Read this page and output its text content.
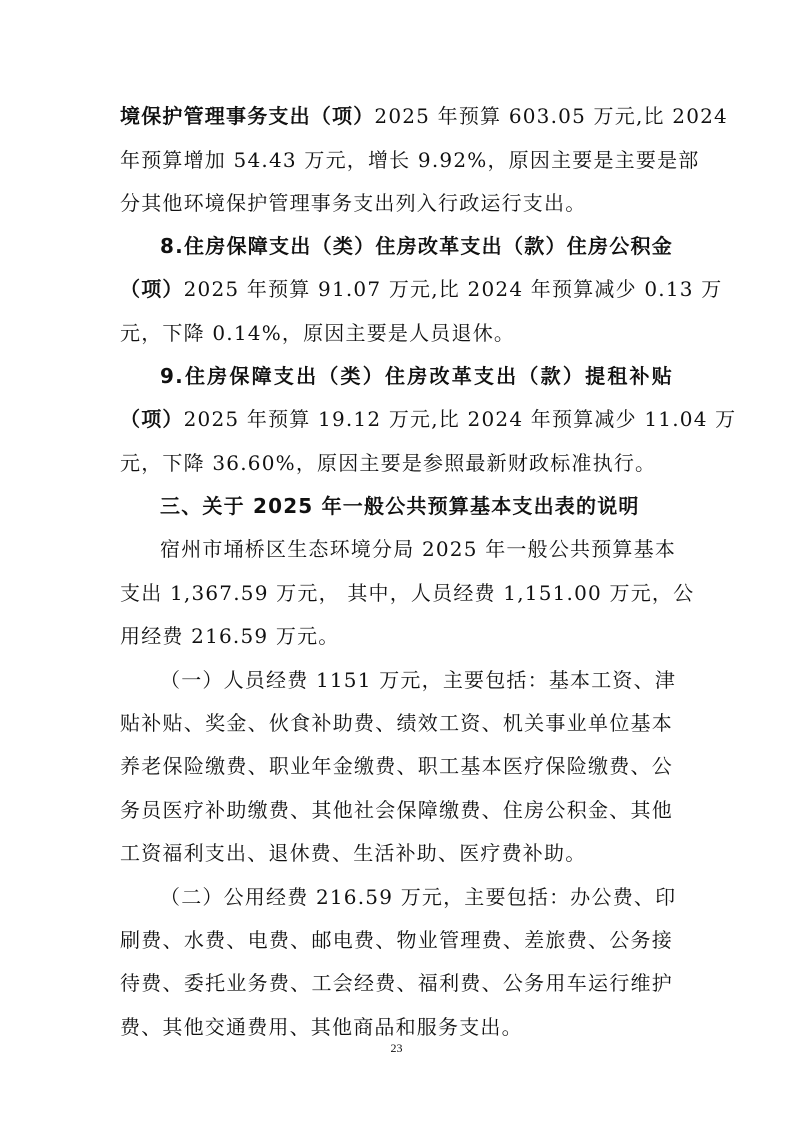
境保护管理事务支出（项）2025 年预算 603.05 万元,比 2024
年预算增加 54.43 万元，增长 9.92%，原因主要是主要是部
分其他环境保护管理事务支出列入行政运行支出。
8.住房保障支出（类）住房改革支出（款）住房公积金
（项）2025 年预算 91.07 万元,比 2024 年预算减少 0.13 万
元，下降 0.14%，原因主要是人员退休。
9.住房保障支出（类）住房改革支出（款）提租补贴
（项）2025 年预算 19.12 万元,比 2024 年预算减少 11.04 万
元，下降 36.60%，原因主要是参照最新财政标准执行。
三、关于 2025 年一般公共预算基本支出表的说明
宿州市埇桥区生态环境分局 2025 年一般公共预算基本
支出 1,367.59 万元， 其中，人员经费 1,151.00 万元，公
用经费 216.59 万元。
（一）人员经费 1151 万元，主要包括：基本工资、津
贴补贴、奖金、伙食补助费、绩效工资、机关事业单位基本
养老保险缴费、职业年金缴费、职工基本医疗保险缴费、公
务员医疗补助缴费、其他社会保障缴费、住房公积金、其他
工资福利支出、退休费、生活补助、医疗费补助。
（二）公用经费 216.59 万元，主要包括：办公费、印
刷费、水费、电费、邮电费、物业管理费、差旅费、公务接
待费、委托业务费、工会经费、福利费、公务用车运行维护
费、其他交通费用、其他商品和服务支出。
23
